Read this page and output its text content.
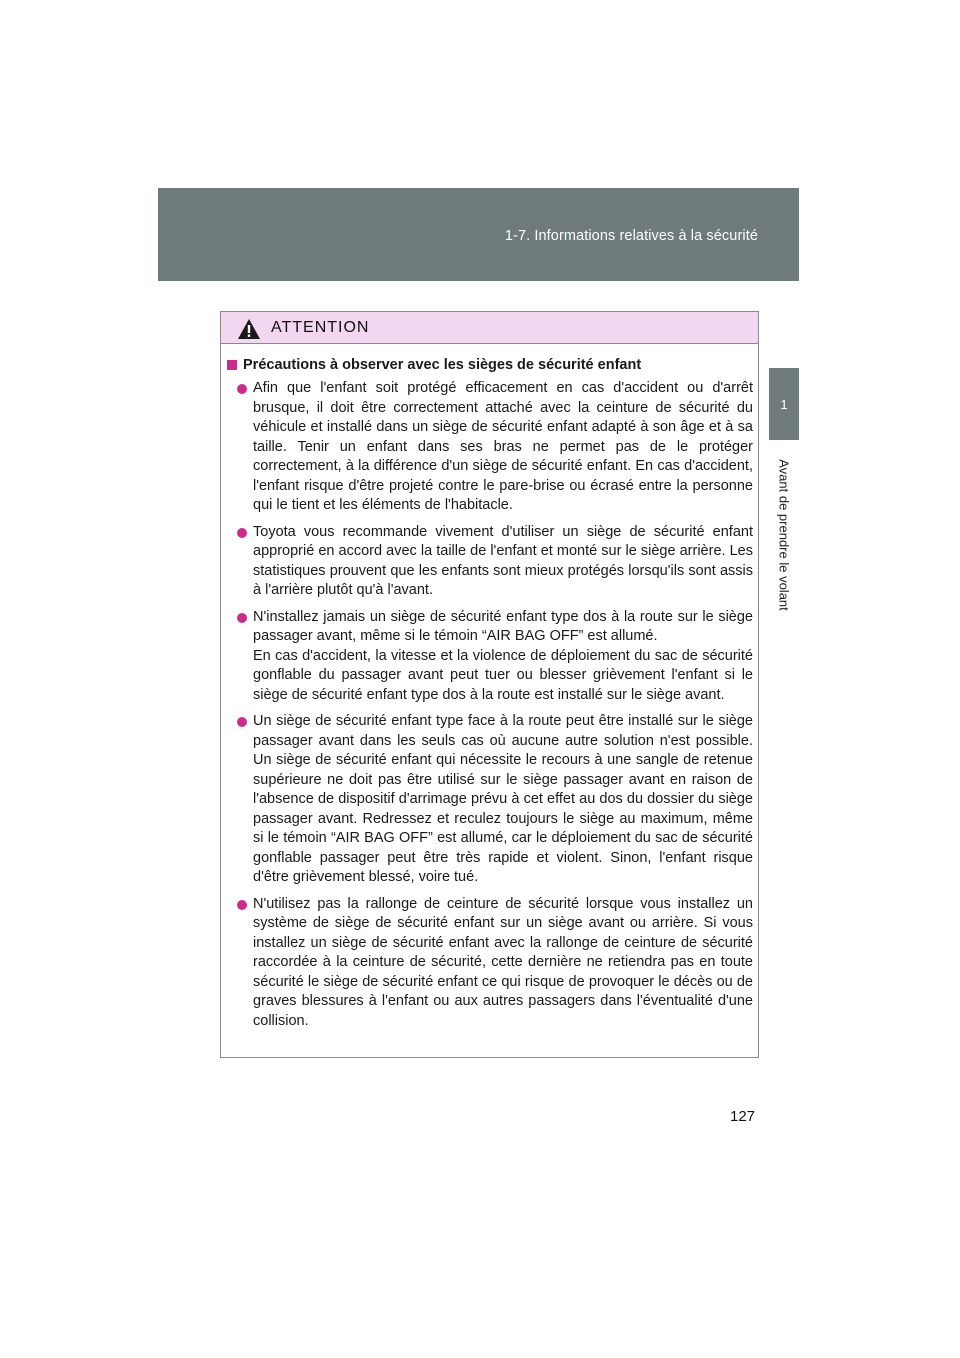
1-7. Informations relatives à la sécurité
1
Avant de prendre le volant
ATTENTION
Précautions à observer avec les sièges de sécurité enfant
Afin que l'enfant soit protégé efficacement en cas d'accident ou d'arrêt brusque, il doit être correctement attaché avec la ceinture de sécurité du véhicule et installé dans un siège de sécurité enfant adapté à son âge et à sa taille. Tenir un enfant dans ses bras ne permet pas de le protéger correctement, à la différence d'un siège de sécurité enfant. En cas d'accident, l'enfant risque d'être projeté contre le pare-brise ou écrasé entre la personne qui le tient et les éléments de l'habitacle.
Toyota vous recommande vivement d'utiliser un siège de sécurité enfant approprié en accord avec la taille de l'enfant et monté sur le siège arrière. Les statistiques prouvent que les enfants sont mieux protégés lorsqu'ils sont assis à l'arrière plutôt qu'à l'avant.
N'installez jamais un siège de sécurité enfant type dos à la route sur le siège passager avant, même si le témoin “AIR BAG OFF” est allumé.
En cas d'accident, la vitesse et la violence de déploiement du sac de sécurité gonflable du passager avant peut tuer ou blesser grièvement l'enfant si le siège de sécurité enfant type dos à la route est installé sur le siège avant.
Un siège de sécurité enfant type face à la route peut être installé sur le siège passager avant dans les seuls cas où aucune autre solution n'est possible. Un siège de sécurité enfant qui nécessite le recours à une sangle de retenue supérieure ne doit pas être utilisé sur le siège passager avant en raison de l'absence de dispositif d'arrimage prévu à cet effet au dos du dossier du siège passager avant. Redressez et reculez toujours le siège au maximum, même si le témoin “AIR BAG OFF” est allumé, car le déploiement du sac de sécurité gonflable passager peut être très rapide et violent. Sinon, l'enfant risque d'être grièvement blessé, voire tué.
N'utilisez pas la rallonge de ceinture de sécurité lorsque vous installez un système de siège de sécurité enfant sur un siège avant ou arrière. Si vous installez un siège de sécurité enfant avec la rallonge de ceinture de sécurité raccordée à la ceinture de sécurité, cette dernière ne retiendra pas en toute sécurité le siège de sécurité enfant ce qui risque de provoquer le décès ou de graves blessures à l'enfant ou aux autres passagers dans l'éventualité d'une collision.
127
